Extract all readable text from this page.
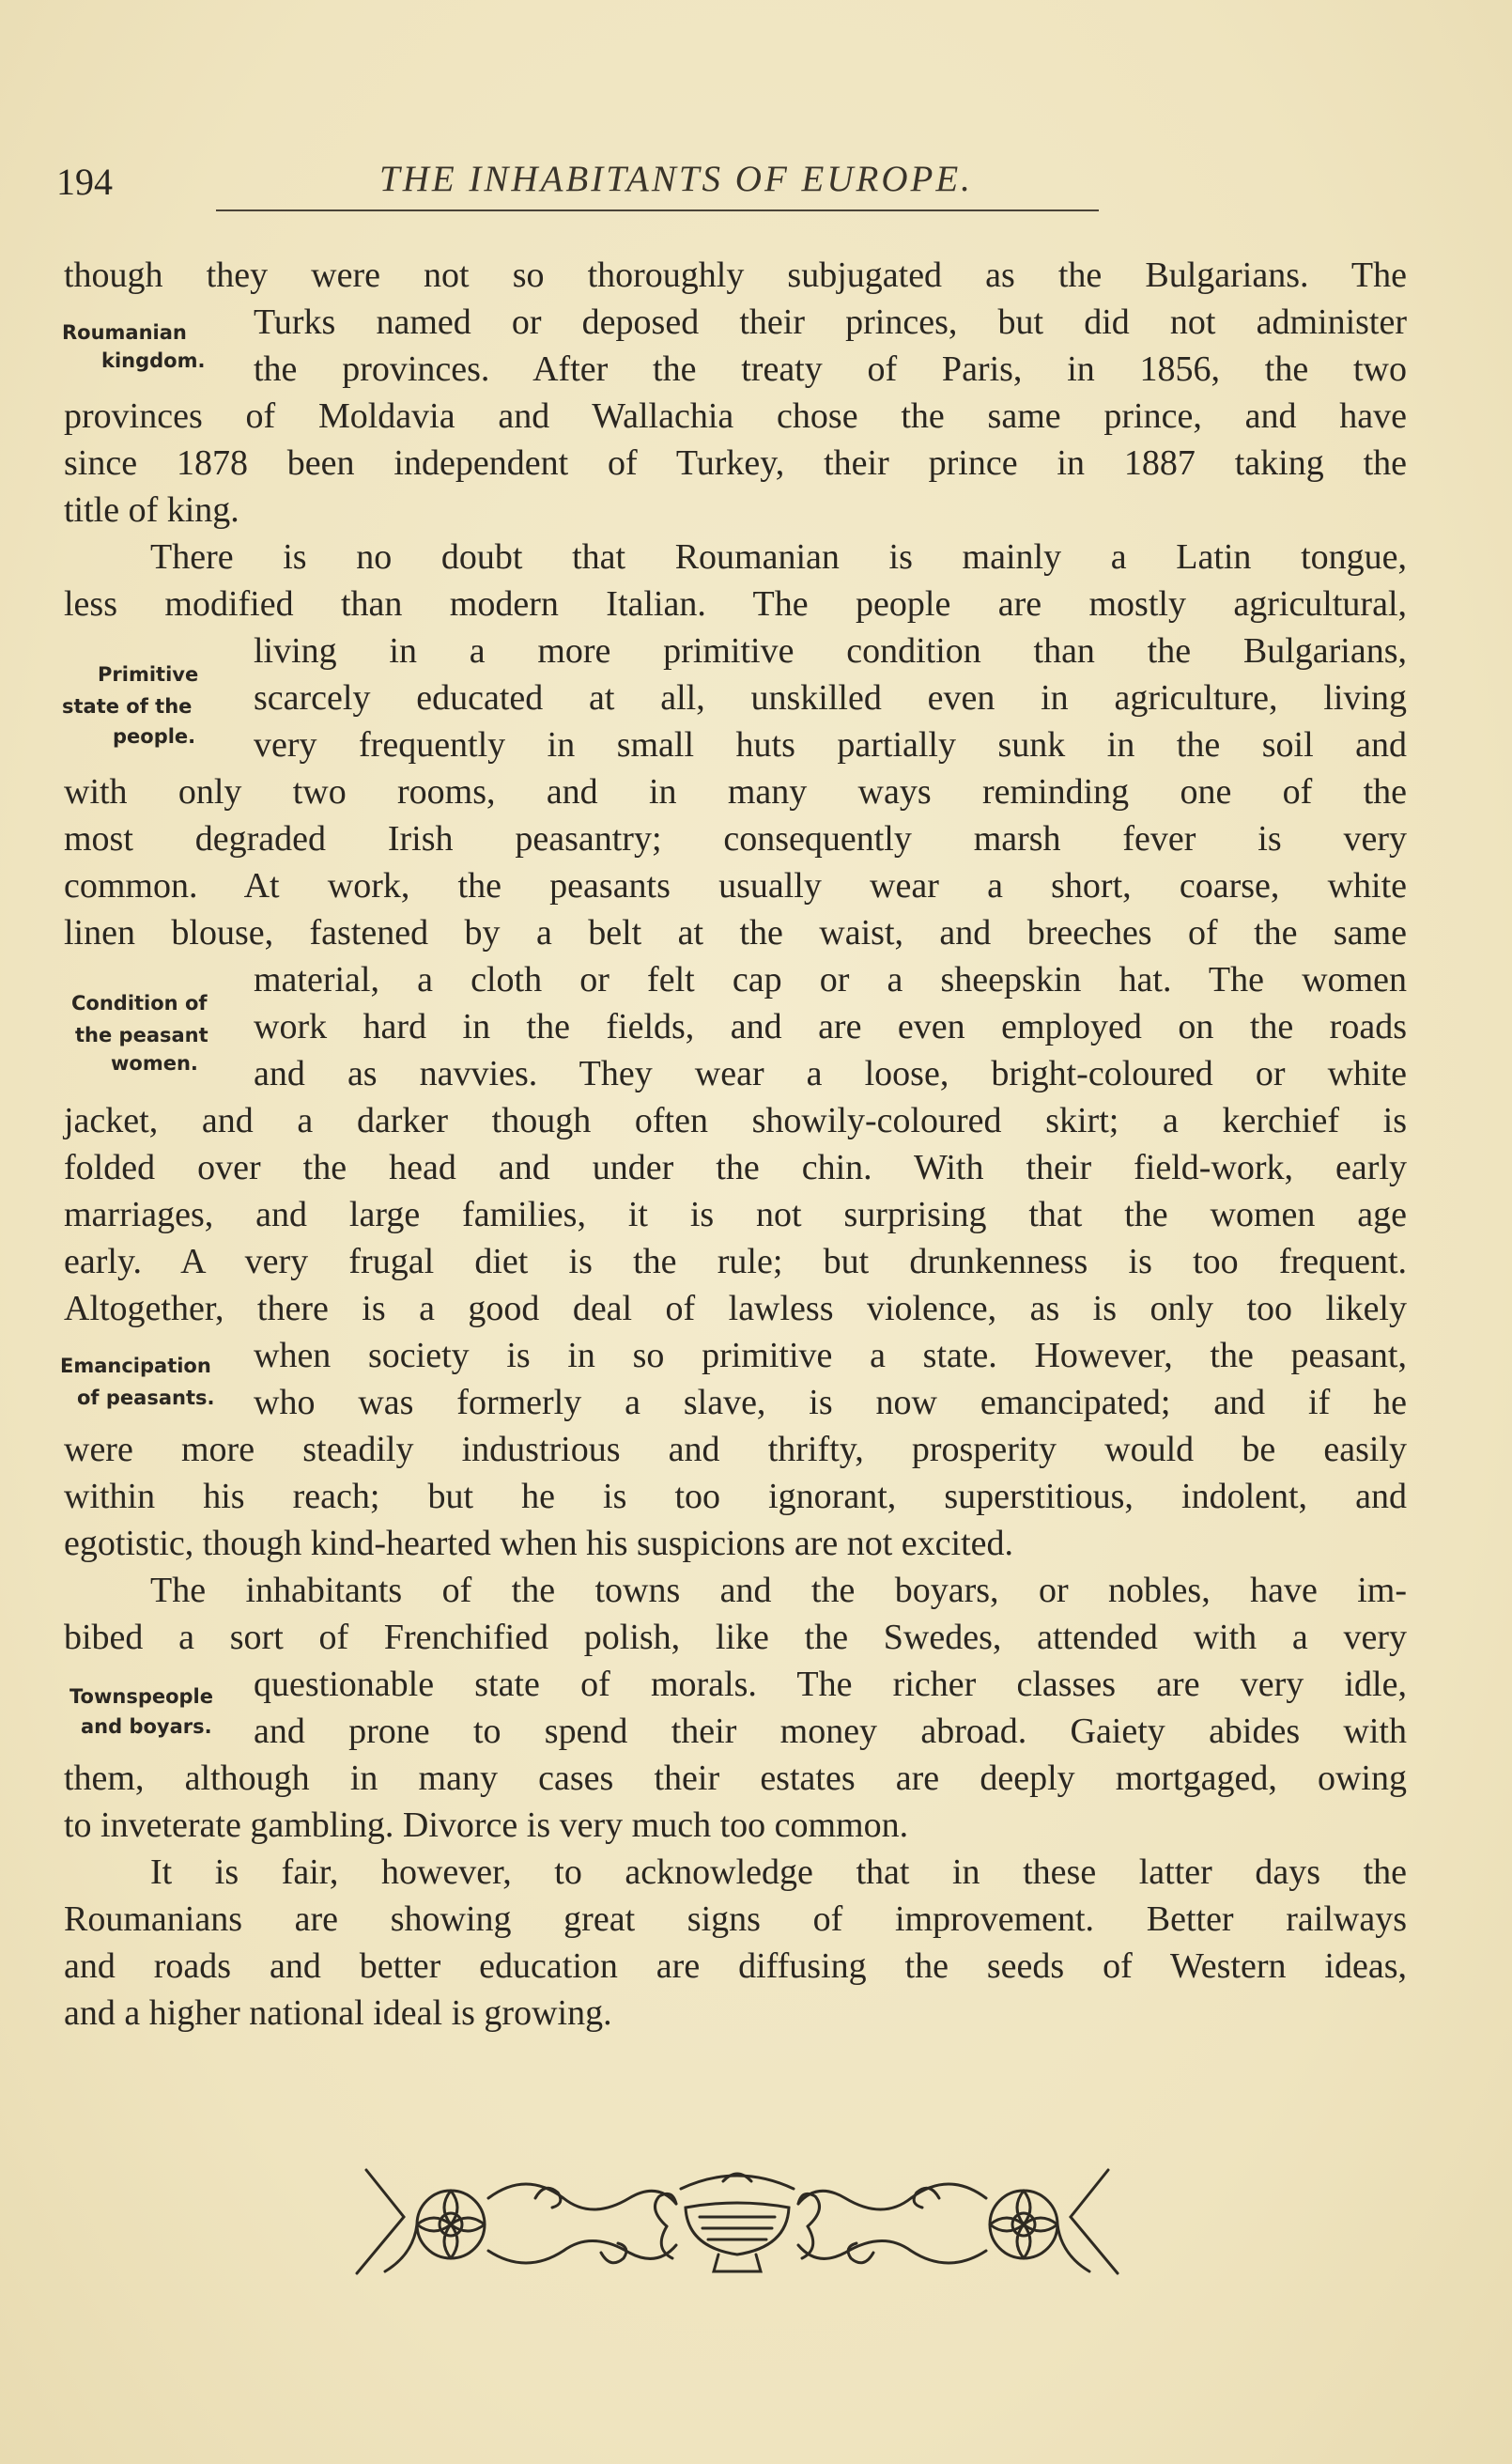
194	THE INHABITANTS OF EUROPE.
though they were not so thoroughly subjugated as the Bulgarians. The
Turks named or deposed their princes, but did not administer
the provinces. After the treaty of Paris, in 1856, the two
provinces of Moldavia and Wallachia chose the same prince, and have
since 1878 been independent of Turkey, their prince in 1887 taking the
title of king.
There is no doubt that Roumanian is mainly a Latin tongue,
less modified than modern Italian. The people are mostly agricultural,
living in a more primitive condition than the Bulgarians,
scarcely educated at all, unskilled even in agriculture, living
very frequently in small huts partially sunk in the soil and
with only two rooms, and in many ways reminding one of the
most degraded Irish peasantry; consequently marsh fever is very
common. At work, the peasants usually wear a short, coarse, white
linen blouse, fastened by a belt at the waist, and breeches of the same
material, a cloth or felt cap or a sheepskin hat. The women
work hard in the fields, and are even employed on the roads
and as navvies. They wear a loose, bright-coloured or white
jacket, and a darker though often showily-coloured skirt; a kerchief is
folded over the head and under the chin. With their field-work, early
marriages, and large families, it is not surprising that the women age
early. A very frugal diet is the rule; but drunkenness is too frequent.
Altogether, there is a good deal of lawless violence, as is only too likely
when society is in so primitive a state. However, the peasant,
who was formerly a slave, is now emancipated; and if he
were more steadily industrious and thrifty, prosperity would be easily
within his reach; but he is too ignorant, superstitious, indolent, and
egotistic, though kind-hearted when his suspicions are not excited.
The inhabitants of the towns and the boyars, or nobles, have im-
bibed a sort of Frenchified polish, like the Swedes, attended with a very
questionable state of morals. The richer classes are very idle,
and prone to spend their money abroad. Gaiety abides with
them, although in many cases their estates are deeply mortgaged, owing
to inveterate gambling. Divorce is very much too common.
It is fair, however, to acknowledge that in these latter days the
Roumanians are showing great signs of improvement. Better railways
and roads and better education are diffusing the seeds of Western ideas,
and a higher national ideal is growing.
Roumanian
kingdom.
Primitive
state of the
people.
Condition of
the peasant
women.
Emancipation
of peasants.
Townspeople
and boyars.
